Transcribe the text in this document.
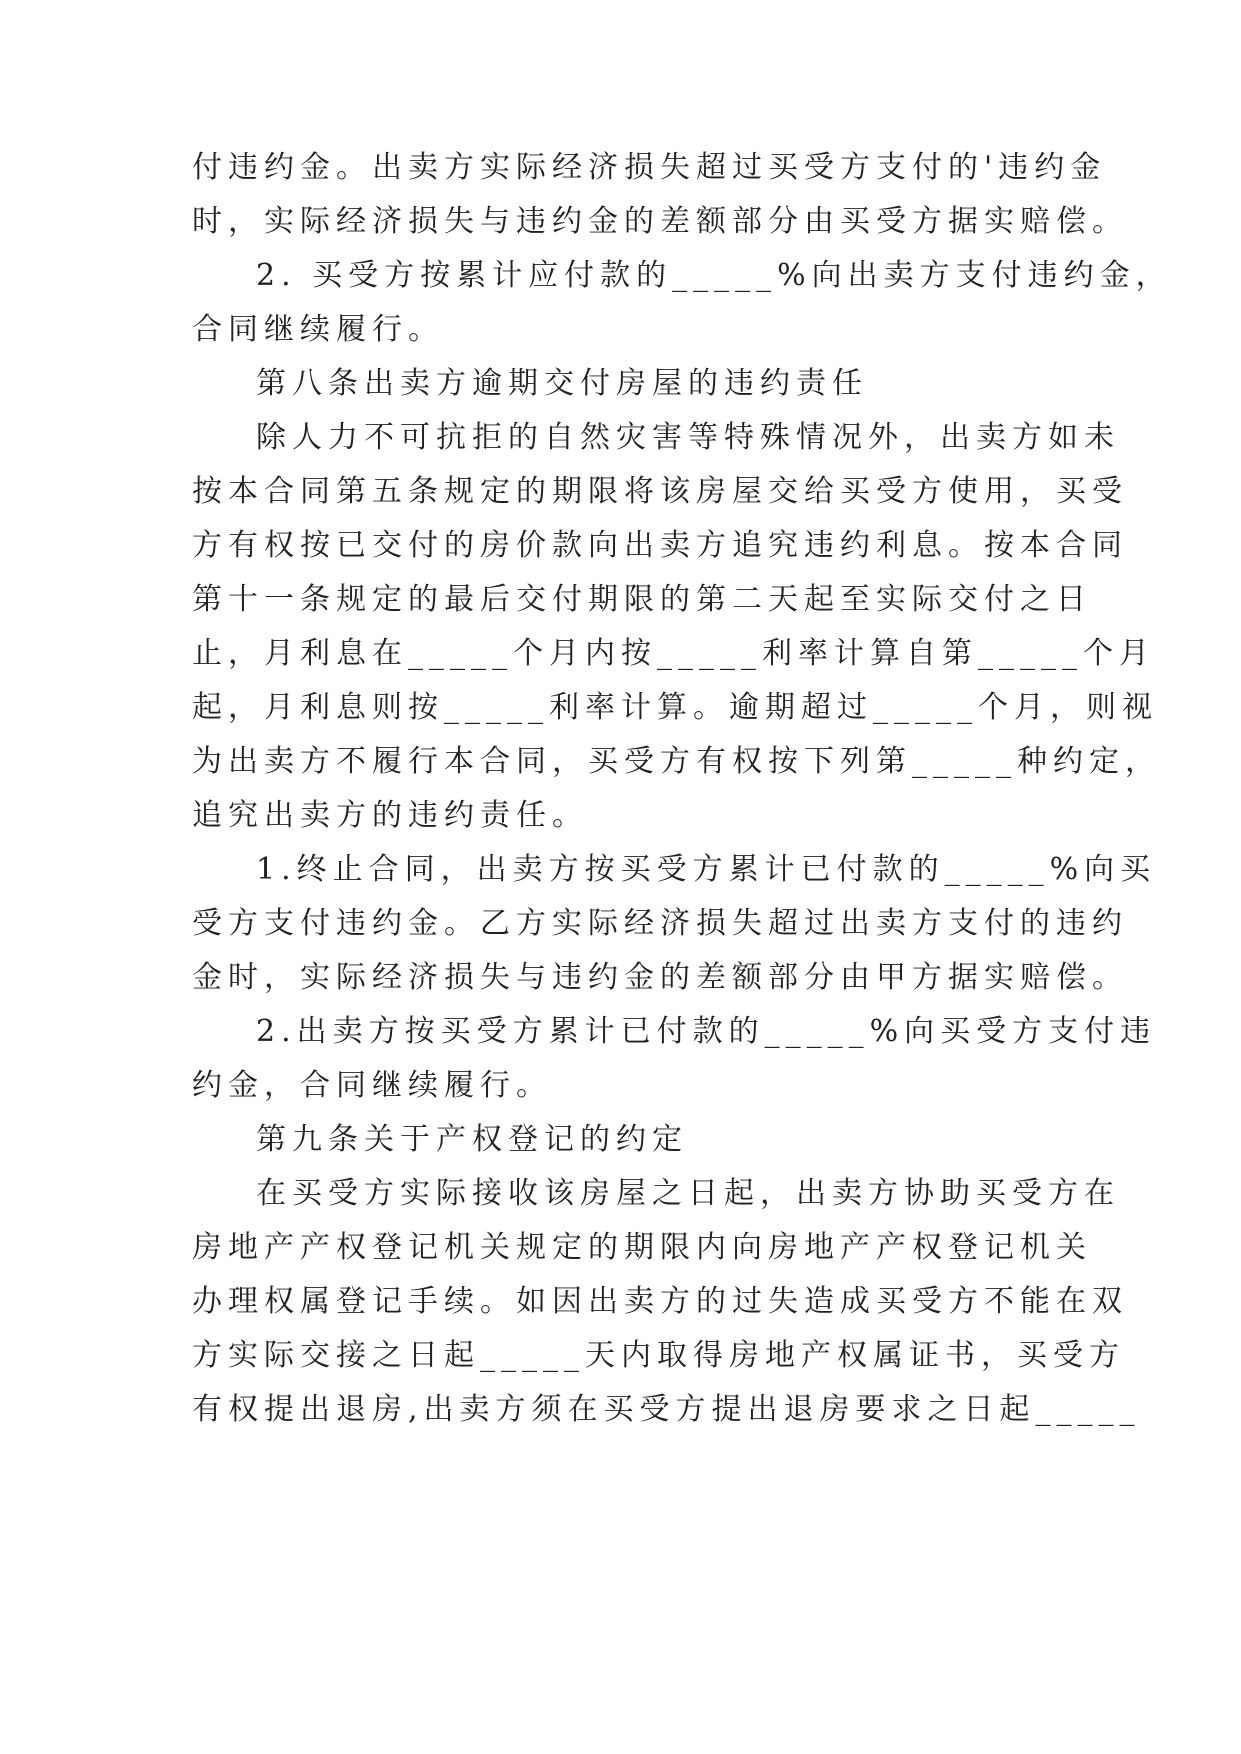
付违约金。出卖方实际经济损失超过买受方支付的'违约金
时，实际经济损失与违约金的差额部分由买受方据实赔偿。
2. 买受方按累计应付款的_____%向出卖方支付违约金，
合同继续履行。
第八条出卖方逾期交付房屋的违约责任
除人力不可抗拒的自然灾害等特殊情况外，出卖方如未
按本合同第五条规定的期限将该房屋交给买受方使用，买受
方有权按已交付的房价款向出卖方追究违约利息。按本合同
第十一条规定的最后交付期限的第二天起至实际交付之日
止，月利息在_____个月内按_____利率计算自第_____个月
起，月利息则按_____利率计算。逾期超过_____个月，则视
为出卖方不履行本合同，买受方有权按下列第_____种约定，
追究出卖方的违约责任。
1.终止合同，出卖方按买受方累计已付款的_____%向买
受方支付违约金。乙方实际经济损失超过出卖方支付的违约
金时，实际经济损失与违约金的差额部分由甲方据实赔偿。
2.出卖方按买受方累计已付款的_____%向买受方支付违
约金，合同继续履行。
第九条关于产权登记的约定
在买受方实际接收该房屋之日起，出卖方协助买受方在
房地产产权登记机关规定的期限内向房地产产权登记机关
办理权属登记手续。如因出卖方的过失造成买受方不能在双
方实际交接之日起_____天内取得房地产权属证书，买受方
有权提出退房,出卖方须在买受方提出退房要求之日起_____
